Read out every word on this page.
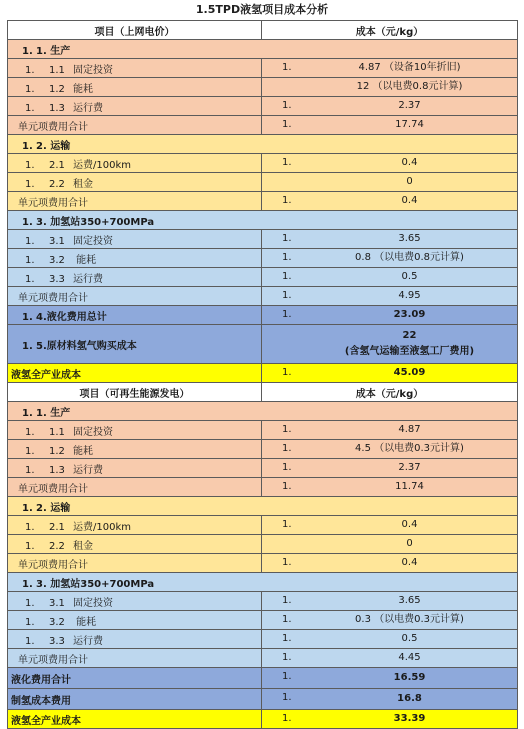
1.5TPD液氢项目成本分析
项目（上网电价）	成本（元/kg）
1. 1. 生产	
1. 1.1 固定投资	1. 4.87 （设备10年折旧)

1. 1.2 能耗	12 （以电费0.8元计算)

1. 1.3 运行费	1. 2.37

单元项费用合计	1. 17.74

1. 2. 运输	
1. 2.1 运费/100km	1. 0.4

1. 2.2 租金	0

单元项费用合计	1. 0.4

1. 3. 加氢站350+700MPa	
1. 3.1 固定投资	1. 3.65

1. 3.2 能耗	1. 0.8 （以电费0.8元计算)

1. 3.3 运行费	1. 0.5

单元项费用合计	1. 4.95

1. 4.液化费用总计	1. 23.09

1. 5.原材料氢气购买成本	22
(含氢气运输至液氢工厂费用)

液氢全产业成本	1. 45.09

项目（可再生能源发电）	成本（元/kg）
1. 1. 生产	
1. 1.1 固定投资	1. 4.87

1. 1.2 能耗	1. 4.5 （以电费0.3元计算)

1. 1.3 运行费	1. 2.37

单元项费用合计	1. 11.74

1. 2. 运输	
1. 2.1 运费/100km	1. 0.4

1. 2.2 租金	0

单元项费用合计	1. 0.4

1. 3. 加氢站350+700MPa	
1. 3.1 固定投资	1. 3.65

1. 3.2 能耗	1. 0.3 （以电费0.3元计算)

1. 3.3 运行费	1. 0.5

单元项费用合计	1. 4.45

液化费用合计	1. 16.59

制氢成本费用	1. 16.8

液氢全产业成本	1. 33.39
